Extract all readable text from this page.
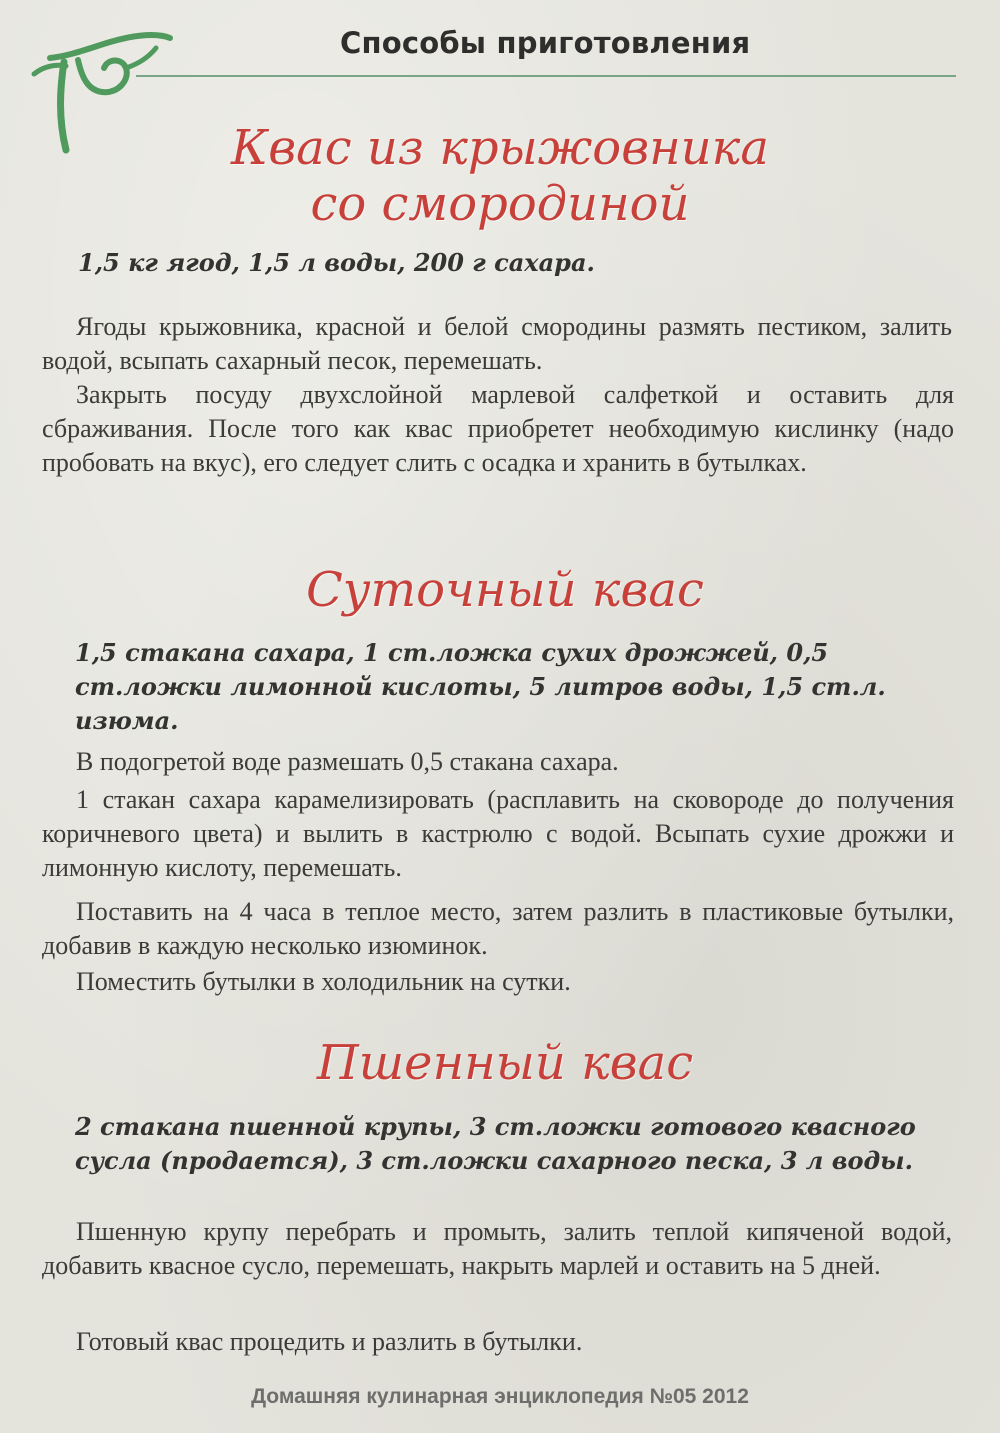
Способы приготовления
Квас из крыжовника
со смородиной

1,5 кг ягод, 1,5 л воды, 200 г сахара.

Ягоды крыжовника, красной и белой смородины размять пестиком, залить водой, всыпать сахарный песок, перемешать.

Закрыть посуду двухслойной марлевой салфеткой и оставить для сбраживания. После того как квас приобретет необходимую кислинку (надо пробовать на вкус), его следует слить с осадка и хранить в бутылках.

Суточный квас

1,5 стакана сахара, 1 ст.ложка сухих дрожжей, 0,5 ст.ложки лимонной кислоты, 5 литров воды, 1,5 ст.л. изюма.

В подогретой воде размешать 0,5 стакана сахара.

1 стакан сахара карамелизировать (расплавить на сковороде до получения коричневого цвета) и вылить в кастрюлю с водой. Всыпать сухие дрожжи и лимонную кислоту, перемешать.

Поставить на 4 часа в теплое место, затем разлить в пластиковые бутылки, добавив в каждую несколько изюминок.

Поместить бутылки в холодильник на сутки.

Пшенный квас

2 стакана пшенной крупы, 3 ст.ложки готового квасного сусла (продается), 3 ст.ложки сахарного песка, 3 л воды.

Пшенную крупу перебрать и промыть, залить теплой кипяченой водой, добавить квасное сусло, перемешать, накрыть марлей и оставить на 5 дней.

Готовый квас процедить и разлить в бутылки.

Домашняя кулинарная энциклопедия №05 2012
